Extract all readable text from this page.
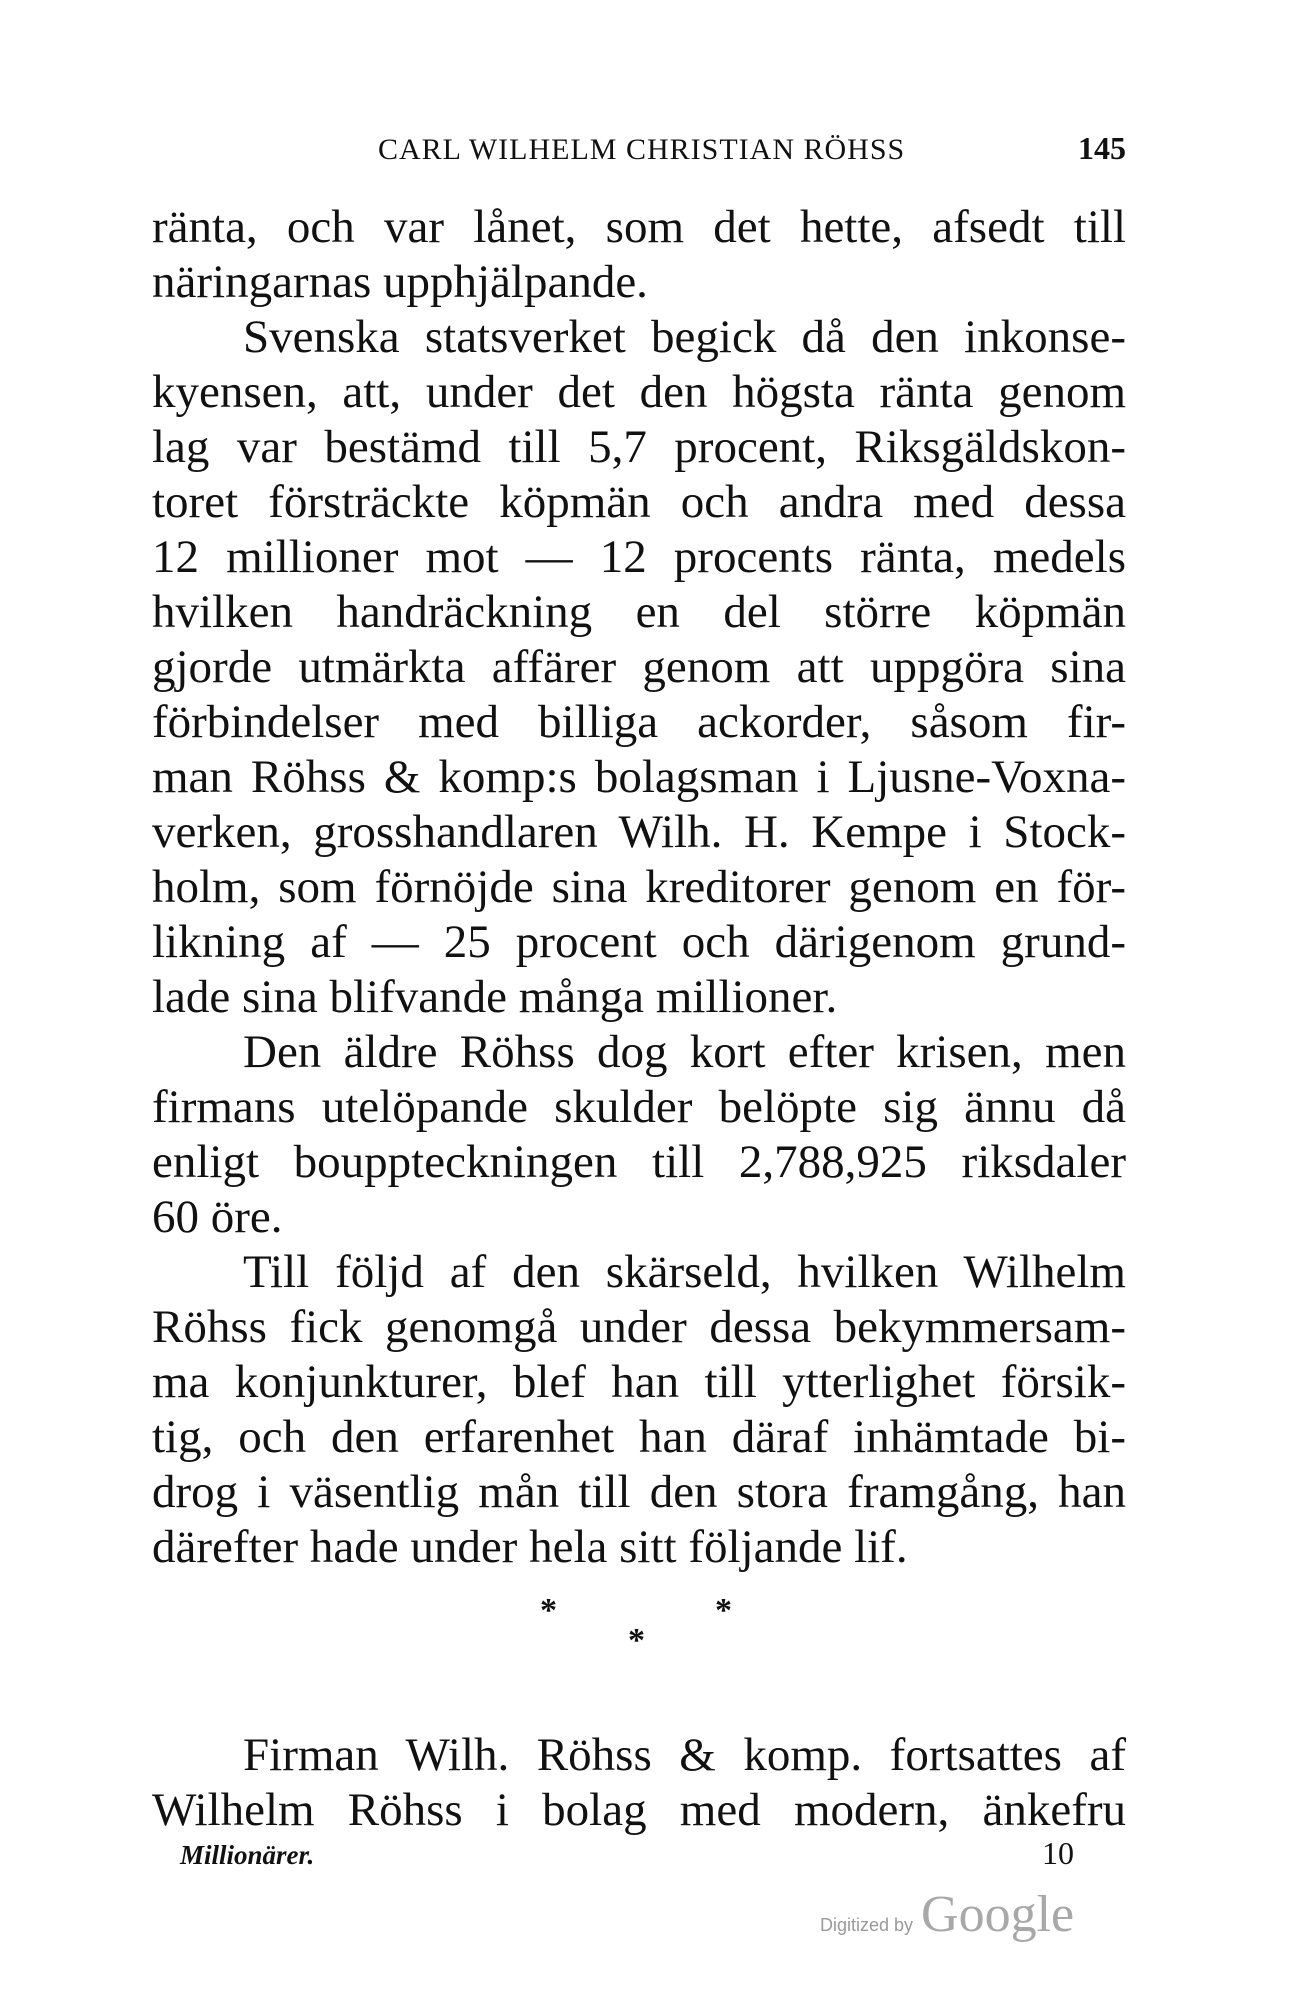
CARL WILHELM CHRISTIAN RÖHSS	145
ränta, och var lånet, som det hette, afsedt till
näringarnas upphjälpande.
Svenska statsverket begick då den inkonse-
kyensen, att, under det den högsta ränta genom
lag var bestämd till 5,7 procent, Riksgäldskon-
toret försträckte köpmän och andra med dessa
12 millioner mot — 12 procents ränta, medels
hvilken handräckning en del större köpmän
gjorde utmärkta affärer genom att uppgöra sina
förbindelser med billiga ackorder, såsom fir-
man Röhss & komp:s bolagsman i Ljusne-Voxna-
verken, grosshandlaren Wilh. H. Kempe i Stock-
holm, som förnöjde sina kreditorer genom en för-
likning af — 25 procent och därigenom grund-
lade sina blifvande många millioner.
Den äldre Röhss dog kort efter krisen, men
firmans utelöpande skulder belöpte sig ännu då
enligt bouppteckningen till 2,788,925 riksdaler
60 öre.
Till följd af den skärseld, hvilken Wilhelm
Röhss fick genomgå under dessa bekymmersam-
ma konjunkturer, blef han till ytterlighet försik-
tig, och den erfarenhet han däraf inhämtade bi-
drog i väsentlig mån till den stora framgång, han
därefter hade under hela sitt följande lif.
*	*
*
Firman Wilh. Röhss & komp. fortsattes af
Wilhelm Röhss i bolag med modern, änkefru
Millionärer.	10
Digitized by Google
